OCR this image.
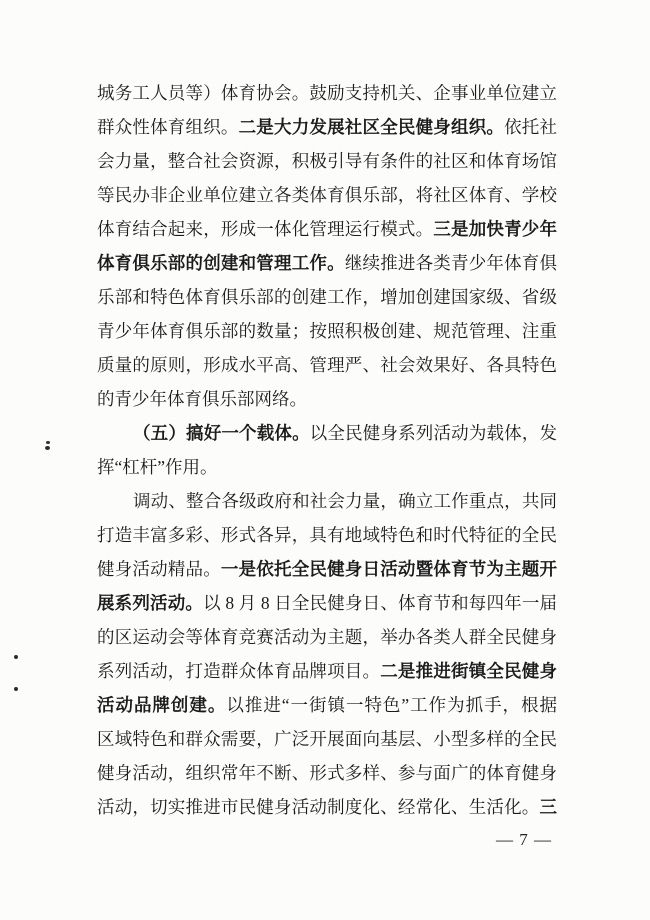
城务工人员等）体育协会。鼓励支持机关、企事业单位建立
群众性体育组织。二是大力发展社区全民健身组织。依托社
会力量，整合社会资源，积极引导有条件的社区和体育场馆
等民办非企业单位建立各类体育俱乐部，将社区体育、学校
体育结合起来，形成一体化管理运行模式。三是加快青少年
体育俱乐部的创建和管理工作。继续推进各类青少年体育俱
乐部和特色体育俱乐部的创建工作，增加创建国家级、省级
青少年体育俱乐部的数量；按照积极创建、规范管理、注重
质量的原则，形成水平高、管理严、社会效果好、各具特色
的青少年体育俱乐部网络。
（五）搞好一个载体。以全民健身系列活动为载体，发
挥“杠杆”作用。
调动、整合各级政府和社会力量，确立工作重点，共同
打造丰富多彩、形式各异，具有地域特色和时代特征的全民
健身活动精品。一是依托全民健身日活动暨体育节为主题开
展系列活动。以 8 月 8 日全民健身日、体育节和每四年一届
的区运动会等体育竞赛活动为主题，举办各类人群全民健身
系列活动，打造群众体育品牌项目。二是推进街镇全民健身
活动品牌创建。以推进“一街镇一特色”工作为抓手，根据
区域特色和群众需要，广泛开展面向基层、小型多样的全民
健身活动，组织常年不断、形式多样、参与面广的体育健身
活动，切实推进市民健身活动制度化、经常化、生活化。三
— 7 —
